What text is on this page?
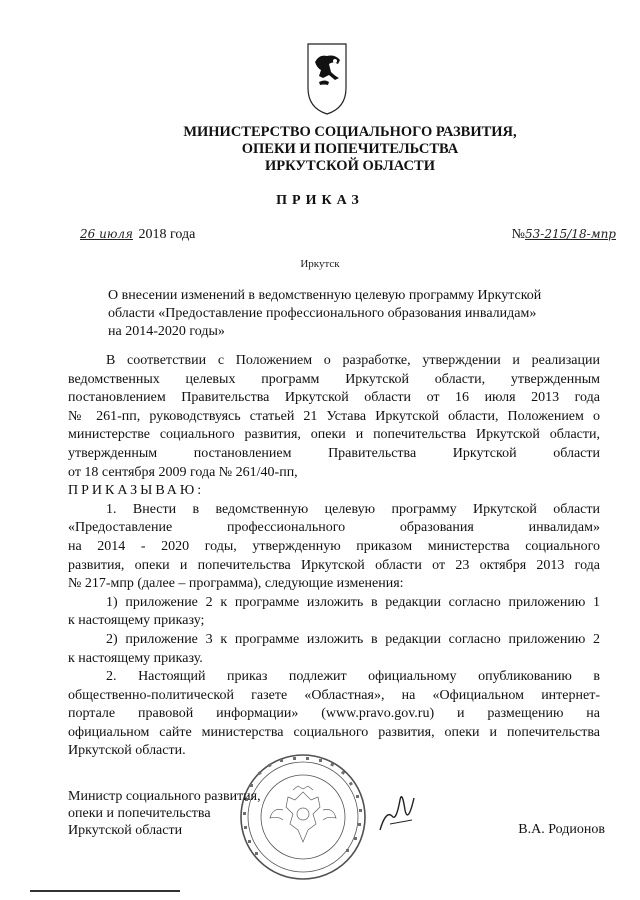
МИНИСТЕРСТВО СОЦИАЛЬНОГО РАЗВИТИЯ,
ОПЕКИ И ПОПЕЧИТЕЛЬСТВА
ИРКУТСКОЙ ОБЛАСТИ
ПРИКАЗ
26 июля 2018 года	№53-215/18-мпр
Иркутск
О внесении изменений в ведомственную целевую программу Иркутской
области «Предоставление профессионального образования инвалидам»
на 2014-2020 годы»
В соответствии с Положением о разработке, утверждении и реализации
ведомственных целевых программ Иркутской области, утвержденным
постановлением Правительства Иркутской области от 16 июля 2013 года
№ 261-пп, руководствуясь статьей 21 Устава Иркутской области, Положением о
министерстве социального развития, опеки и попечительства Иркутской области,
утвержденным постановлением Правительства Иркутской области
от 18 сентября 2009 года № 261/40-пп,
ПРИКАЗЫВАЮ:
1. Внести в ведомственную целевую программу Иркутской области
«Предоставление профессионального образования инвалидам»
на 2014 - 2020 годы, утвержденную приказом министерства социального
развития, опеки и попечительства Иркутской области от 23 октября 2013 года
№ 217-мпр (далее – программа), следующие изменения:
1) приложение 2 к программе изложить в редакции согласно приложению 1
к настоящему приказу;
2) приложение 3 к программе изложить в редакции согласно приложению 2
к настоящему приказу.
2. Настоящий приказ подлежит официальному опубликованию в
общественно-политической газете «Областная», на «Официальном интернет-
портале правовой информации» (www.pravo.gov.ru) и размещению на
официальном сайте министерства социального развития, опеки и попечительства
Иркутской области.
Министр социального развития,
опеки и попечительства
Иркутской области	В.А. Родионов
